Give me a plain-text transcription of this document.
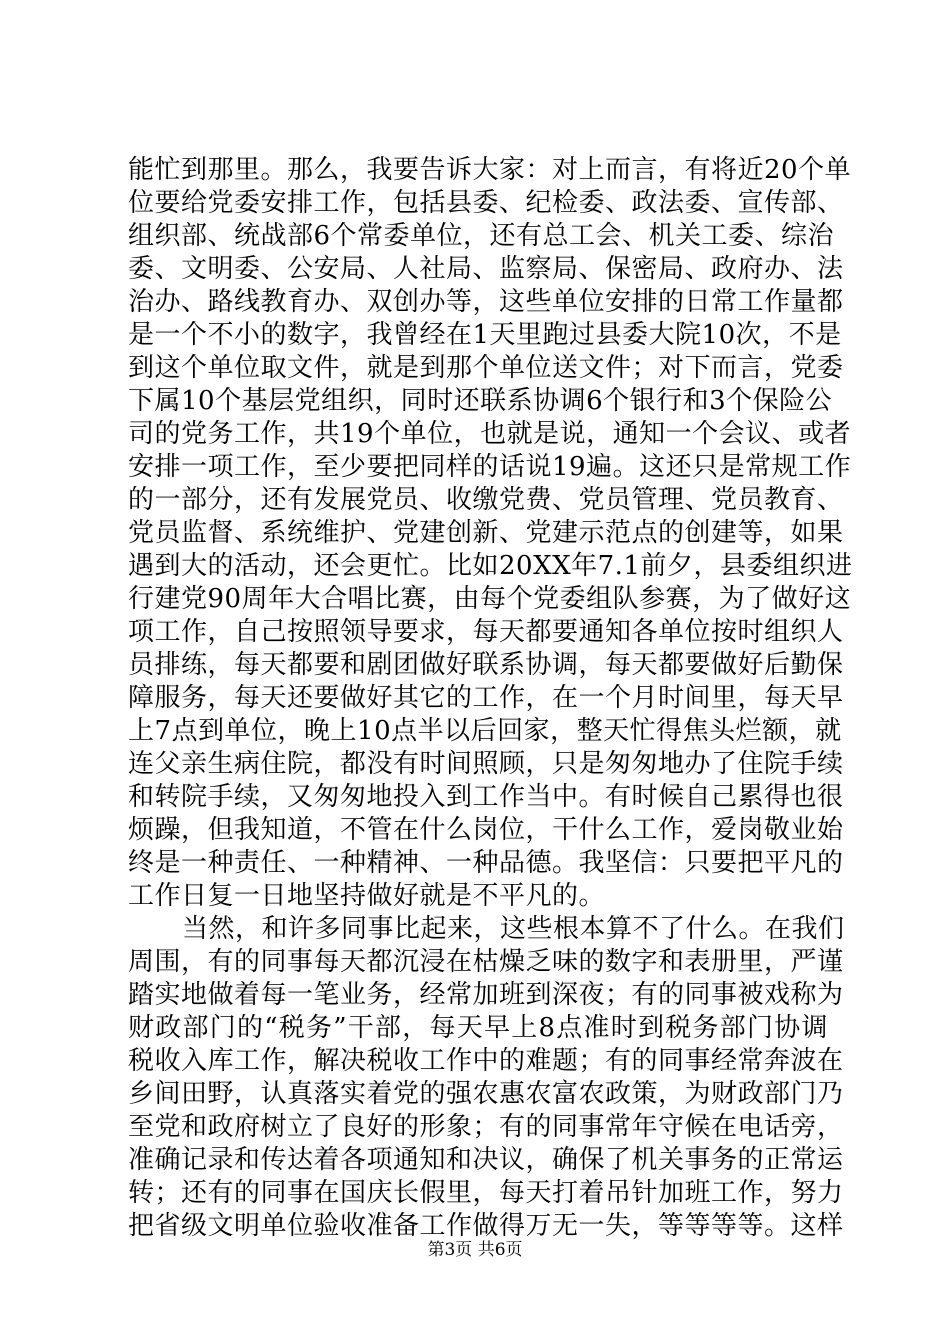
能忙到那里。那么，我要告诉大家：对上而言，有将近20个单
位要给党委安排工作，包括县委、纪检委、政法委、宣传部、
组织部、统战部6个常委单位，还有总工会、机关工委、综治
委、文明委、公安局、人社局、监察局、保密局、政府办、法
治办、路线教育办、双创办等，这些单位安排的日常工作量都
是一个不小的数字，我曾经在1天里跑过县委大院10次，不是
到这个单位取文件，就是到那个单位送文件；对下而言，党委
下属10个基层党组织，同时还联系协调6个银行和3个保险公
司的党务工作，共19个单位，也就是说，通知一个会议、或者
安排一项工作，至少要把同样的话说19遍。这还只是常规工作
的一部分，还有发展党员、收缴党费、党员管理、党员教育、
党员监督、系统维护、党建创新、党建示范点的创建等，如果
遇到大的活动，还会更忙。比如20XX年7.1前夕，县委组织进
行建党90周年大合唱比赛，由每个党委组队参赛，为了做好这
项工作，自己按照领导要求，每天都要通知各单位按时组织人
员排练，每天都要和剧团做好联系协调，每天都要做好后勤保
障服务，每天还要做好其它的工作，在一个月时间里，每天早
上7点到单位，晚上10点半以后回家，整天忙得焦头烂额，就
连父亲生病住院，都没有时间照顾，只是匆匆地办了住院手续
和转院手续，又匆匆地投入到工作当中。有时候自己累得也很
烦躁，但我知道，不管在什么岗位，干什么工作，爱岗敬业始
终是一种责任、一种精神、一种品德。我坚信：只要把平凡的
工作日复一日地坚持做好就是不平凡的。
当然，和许多同事比起来，这些根本算不了什么。在我们
周围，有的同事每天都沉浸在枯燥乏味的数字和表册里，严谨
踏实地做着每一笔业务，经常加班到深夜；有的同事被戏称为
财政部门的“税务”干部，每天早上8点准时到税务部门协调
税收入库工作，解决税收工作中的难题；有的同事经常奔波在
乡间田野，认真落实着党的强农惠农富农政策，为财政部门乃
至党和政府树立了良好的形象；有的同事常年守候在电话旁，
准确记录和传达着各项通知和决议，确保了机关事务的正常运
转；还有的同事在国庆长假里，每天打着吊针加班工作，努力
把省级文明单位验收准备工作做得万无一失，等等等等。这样
第3页 共6页
